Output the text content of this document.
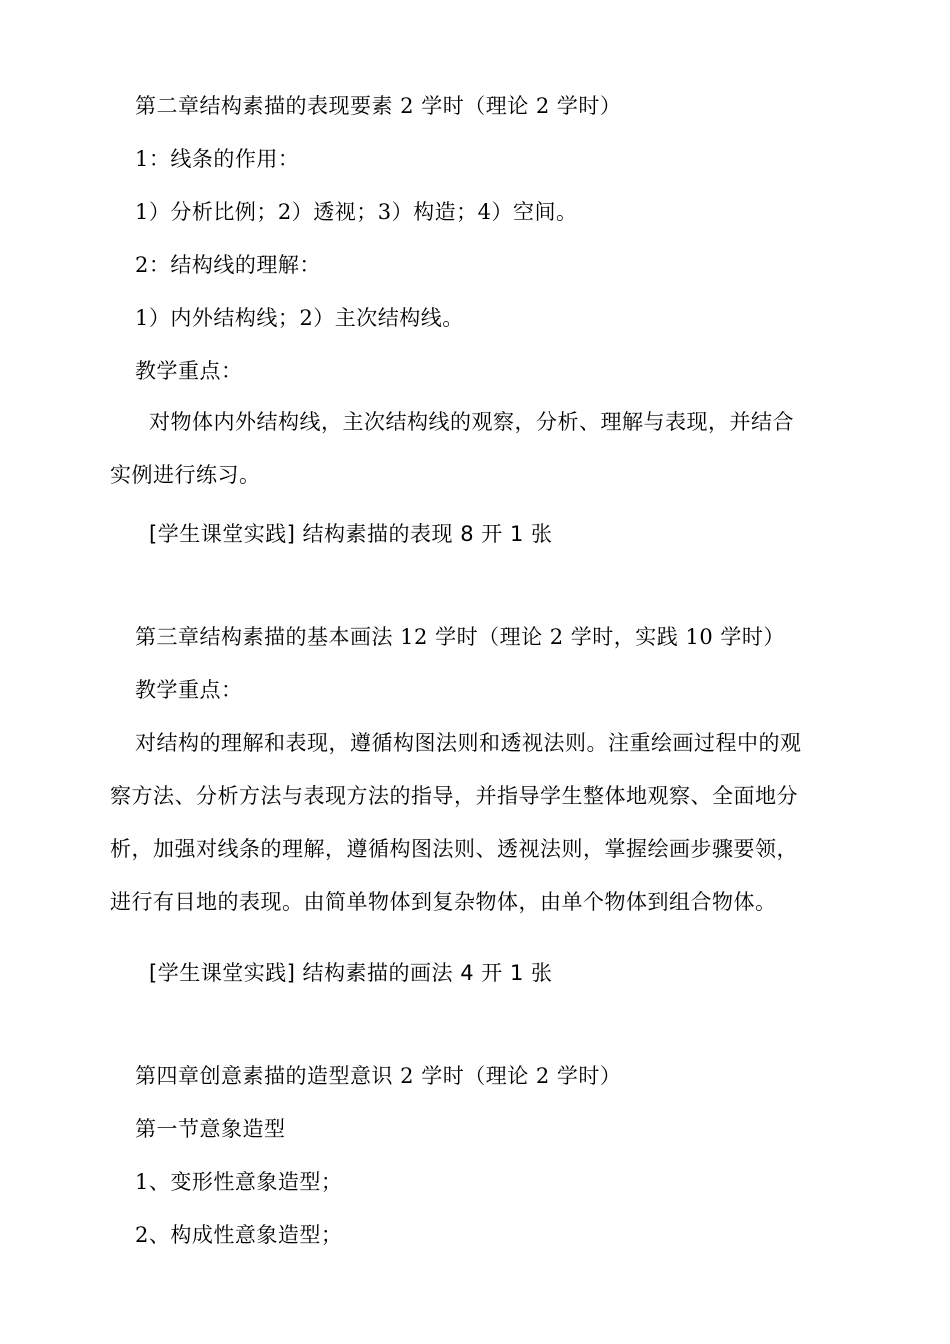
第二章结构素描的表现要素 2 学时（理论 2 学时）
1：线条的作用：
1）分析比例；2）透视；3）构造；4）空间。
2：结构线的理解：
1）内外结构线；2）主次结构线。
教学重点：
对物体内外结构线，主次结构线的观察，分析、理解与表现，并结合
实例进行练习。
[学生课堂实践] 结构素描的表现 8 开 1 张
第三章结构素描的基本画法 12 学时（理论 2 学时，实践 10 学时）
教学重点：
对结构的理解和表现，遵循构图法则和透视法则。注重绘画过程中的观
察方法、分析方法与表现方法的指导，并指导学生整体地观察、全面地分
析，加强对线条的理解，遵循构图法则、透视法则，掌握绘画步骤要领，
进行有目地的表现。由简单物体到复杂物体，由单个物体到组合物体。
[学生课堂实践] 结构素描的画法 4 开 1 张
第四章创意素描的造型意识 2 学时（理论 2 学时）
第一节意象造型
1、变形性意象造型；
2、构成性意象造型；
